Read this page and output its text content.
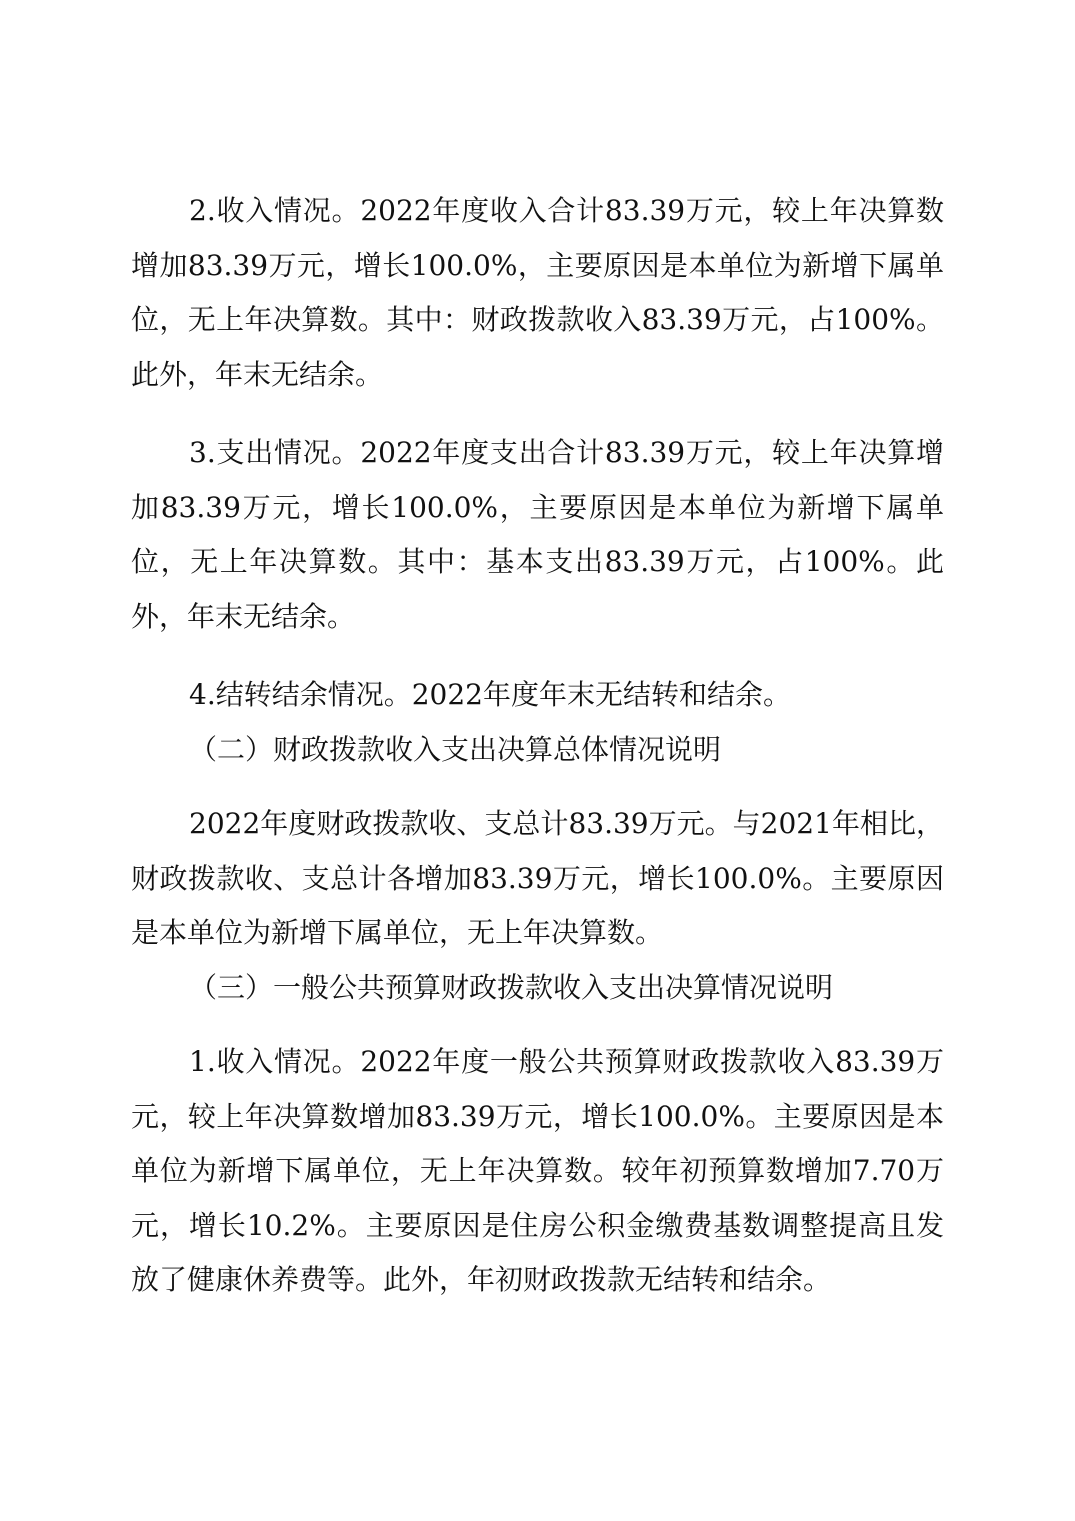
2.收入情况。2022年度收入合计83.39万元，较上年决算数增加83.39万元，增长100.0%，主要原因是本单位为新增下属单位，无上年决算数。其中：财政拨款收入83.39万元，占100%。此外，年末无结余。

3.支出情况。2022年度支出合计83.39万元，较上年决算增加83.39万元，增长100.0%，主要原因是本单位为新增下属单位，无上年决算数。其中：基本支出83.39万元，占100%。此外，年末无结余。

4.结转结余情况。2022年度年末无结转和结余。

（二）财政拨款收入支出决算总体情况说明

2022年度财政拨款收、支总计83.39万元。与2021年相比，财政拨款收、支总计各增加83.39万元，增长100.0%。主要原因是本单位为新增下属单位，无上年决算数。

（三）一般公共预算财政拨款收入支出决算情况说明

1.收入情况。2022年度一般公共预算财政拨款收入83.39万元，较上年决算数增加83.39万元，增长100.0%。主要原因是本单位为新增下属单位，无上年决算数。较年初预算数增加7.70万元，增长10.2%。主要原因是住房公积金缴费基数调整提高且发放了健康休养费等。此外，年初财政拨款无结转和结余。
